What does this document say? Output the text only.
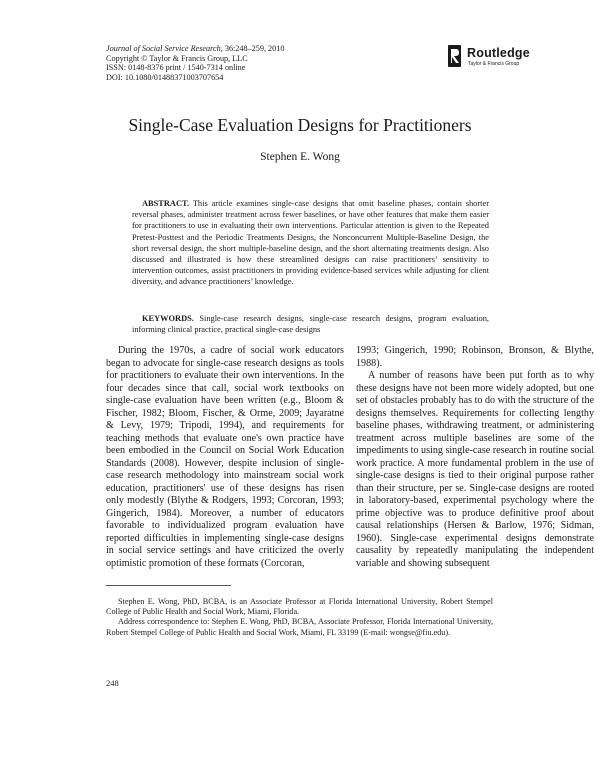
Journal of Social Service Research, 36:248–259, 2010
Copyright © Taylor & Francis Group, LLC
ISSN: 0148-8376 print / 1540-7314 online
DOI: 10.1080/01488371003707654
Routledge
Taylor & Francis Group
Single-Case Evaluation Designs for Practitioners
Stephen E. Wong
ABSTRACT. This article examines single-case designs that omit baseline phases, contain shorter reversal phases, administer treatment across fewer baselines, or have other features that make them easier for practitioners to use in evaluating their own interventions. Particular attention is given to the Repeated Pretest-Posttest and the Periodic Treatments Designs, the Nonconcurrent Multiple-Baseline Design, the short reversal design, the short multiple-baseline design, and the short alternating treatments design. Also discussed and illustrated is how these streamlined designs can raise practitioners’ sensitivity to intervention outcomes, assist practitioners in providing evidence-based services while adjusting for client diversity, and advance practitioners’ knowledge.
KEYWORDS. Single-case research designs, single-case research designs, program evaluation, informing clinical practice, practical single-case designs
During the 1970s, a cadre of social work educators began to advocate for single-case research designs as tools for practitioners to evaluate their own interventions. In the four decades since that call, social work textbooks on single-case evaluation have been written (e.g., Bloom & Fischer, 1982; Bloom, Fischer, & Orme, 2009; Jayaratne & Levy, 1979; Tripodi, 1994), and requirements for teaching methods that evaluate one's own practice have been embodied in the Council on Social Work Education Standards (2008). However, despite inclusion of single-case research methodology into mainstream social work education, practitioners' use of these designs has risen only modestly (Blythe & Rodgers, 1993; Corcoran, 1993; Gingerich, 1984). Moreover, a number of educators favorable to individualized program evaluation have reported difficulties in implementing single-case designs in social service settings and have criticized the overly optimistic promotion of these formats (Corcoran,

1993; Gingerich, 1990; Robinson, Bronson, & Blythe, 1988).

A number of reasons have been put forth as to why these designs have not been more widely adopted, but one set of obstacles probably has to do with the structure of the designs themselves. Requirements for collecting lengthy baseline phases, withdrawing treatment, or administering treatment across multiple baselines are some of the impediments to using single-case research in routine social work practice. A more fundamental problem in the use of single-case designs is tied to their original purpose rather than their structure, per se. Single-case designs are rooted in laboratory-based, experimental psychology where the prime objective was to produce definitive proof about causal relationships (Hersen & Barlow, 1976; Sidman, 1960). Single-case experimental designs demonstrate causality by repeatedly manipulating the independent variable and showing subsequent

Stephen E. Wong, PhD, BCBA, is an Associate Professor at Florida International University, Robert Stempel College of Public Health and Social Work, Miami, Florida.

Address correspondence to: Stephen E. Wong, PhD, BCBA, Associate Professor, Florida International University, Robert Stempel College of Public Health and Social Work, Miami, FL 33199 (E-mail: wongse@fiu.edu).

248
